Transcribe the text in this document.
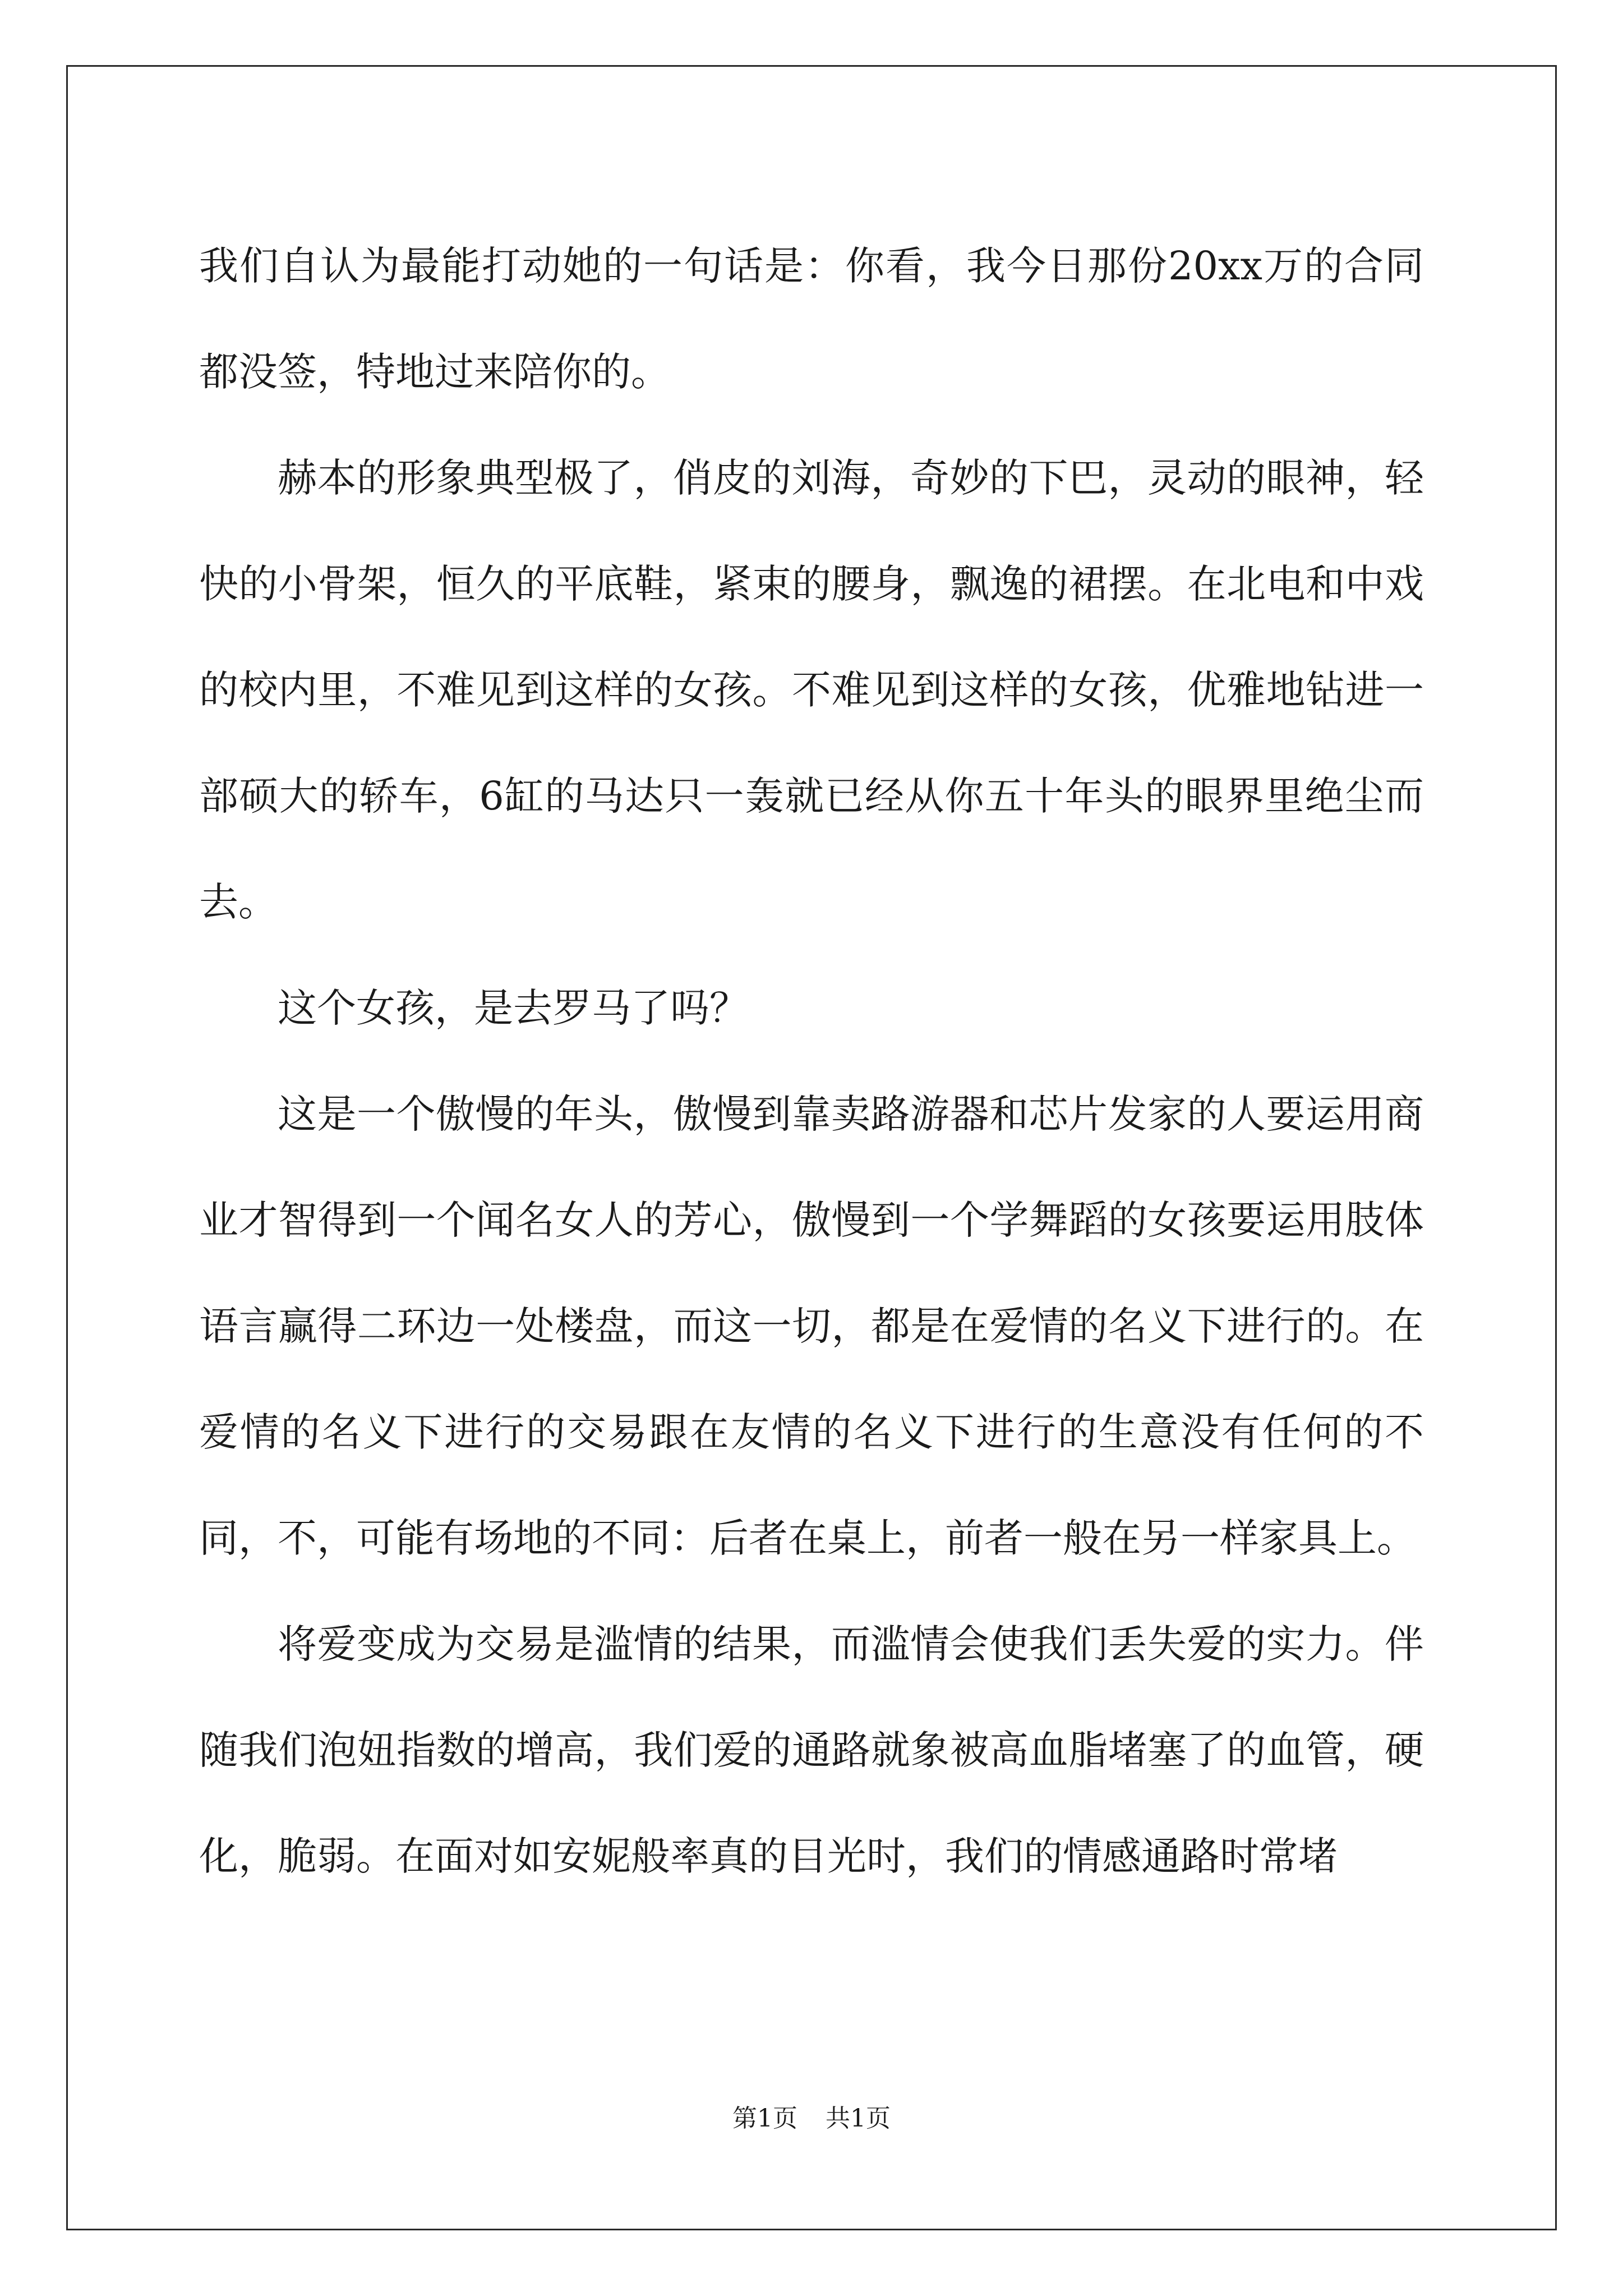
我们自认为最能打动她的一句话是：你看，我今日那份20xx万的合同都没签，特地过来陪你的。

赫本的形象典型极了，俏皮的刘海，奇妙的下巴，灵动的眼神，轻快的小骨架，恒久的平底鞋，紧束的腰身，飘逸的裙摆。在北电和中戏的校内里，不难见到这样的女孩。不难见到这样的女孩，优雅地钻进一部硕大的轿车，6缸的马达只一轰就已经从你五十年头的眼界里绝尘而去。

这个女孩，是去罗马了吗？

这是一个傲慢的年头，傲慢到靠卖路游器和芯片发家的人要运用商业才智得到一个闻名女人的芳心，傲慢到一个学舞蹈的女孩要运用肢体语言赢得二环边一处楼盘，而这一切，都是在爱情的名义下进行的。在爱情的名义下进行的交易跟在友情的名义下进行的生意没有任何的不同，不，可能有场地的不同：后者在桌上，前者一般在另一样家具上。

将爱变成为交易是滥情的结果，而滥情会使我们丢失爱的实力。伴随我们泡妞指数的增高，我们爱的通路就象被高血脂堵塞了的血管，硬化，脆弱。在面对如安妮般率真的目光时，我们的情感通路时常堵

第1页 共1页
